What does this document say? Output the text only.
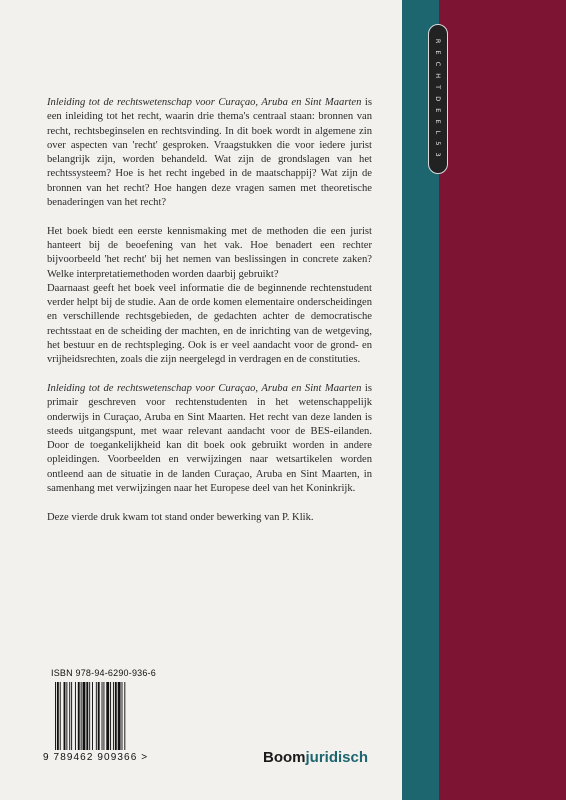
R E C H T D E E L 5 3

Inleiding tot de rechtswetenschap voor Curaçao, Aruba en Sint Maarten is een inleiding tot het recht, waarin drie thema's centraal staan: bronnen van recht, rechtsbeginselen en rechtsvinding. In dit boek wordt in algemene zin over aspecten van 'recht' gesproken. Vraagstukken die voor iedere jurist belangrijk zijn, worden behandeld. Wat zijn de grondslagen van het rechtssysteem? Hoe is het recht ingebed in de maatschappij? Wat zijn de bronnen van het recht? Hoe hangen deze vragen samen met theoretische benaderingen van het recht?

Het boek biedt een eerste kennismaking met de methoden die een jurist hanteert bij de beoefening van het vak. Hoe benadert een rechter bijvoorbeeld 'het recht' bij het nemen van beslissingen in concrete zaken? Welke interpretatiemethoden worden daarbij gebruikt?

Daarnaast geeft het boek veel informatie die de beginnende rechtenstudent verder helpt bij de studie. Aan de orde komen elementaire onderscheidingen en verschillende rechtsgebieden, de gedachten achter de democratische rechtsstaat en de scheiding der machten, en de inrichting van de wetgeving, het bestuur en de rechtspleging. Ook is er veel aandacht voor de grond- en vrijheidsrechten, zoals die zijn neergelegd in verdragen en de constituties.

Inleiding tot de rechtswetenschap voor Curaçao, Aruba en Sint Maarten is primair geschreven voor rechtenstudenten in het wetenschappelijk onderwijs in Curaçao, Aruba en Sint Maarten. Het recht van deze landen is steeds uitgangspunt, met waar relevant aandacht voor de BES-eilanden. Door de toegankelijkheid kan dit boek ook gebruikt worden in andere opleidingen. Voorbeelden en verwijzingen naar wetsartikelen worden ontleend aan de situatie in de landen Curaçao, Aruba en Sint Maarten, in samenhang met verwijzingen naar het Europese deel van het Koninkrijk.

Deze vierde druk kwam tot stand onder bewerking van P. Klik.

ISBN 978-94-6290-936-6
9 789462 909366 >	Boomjuridisch
